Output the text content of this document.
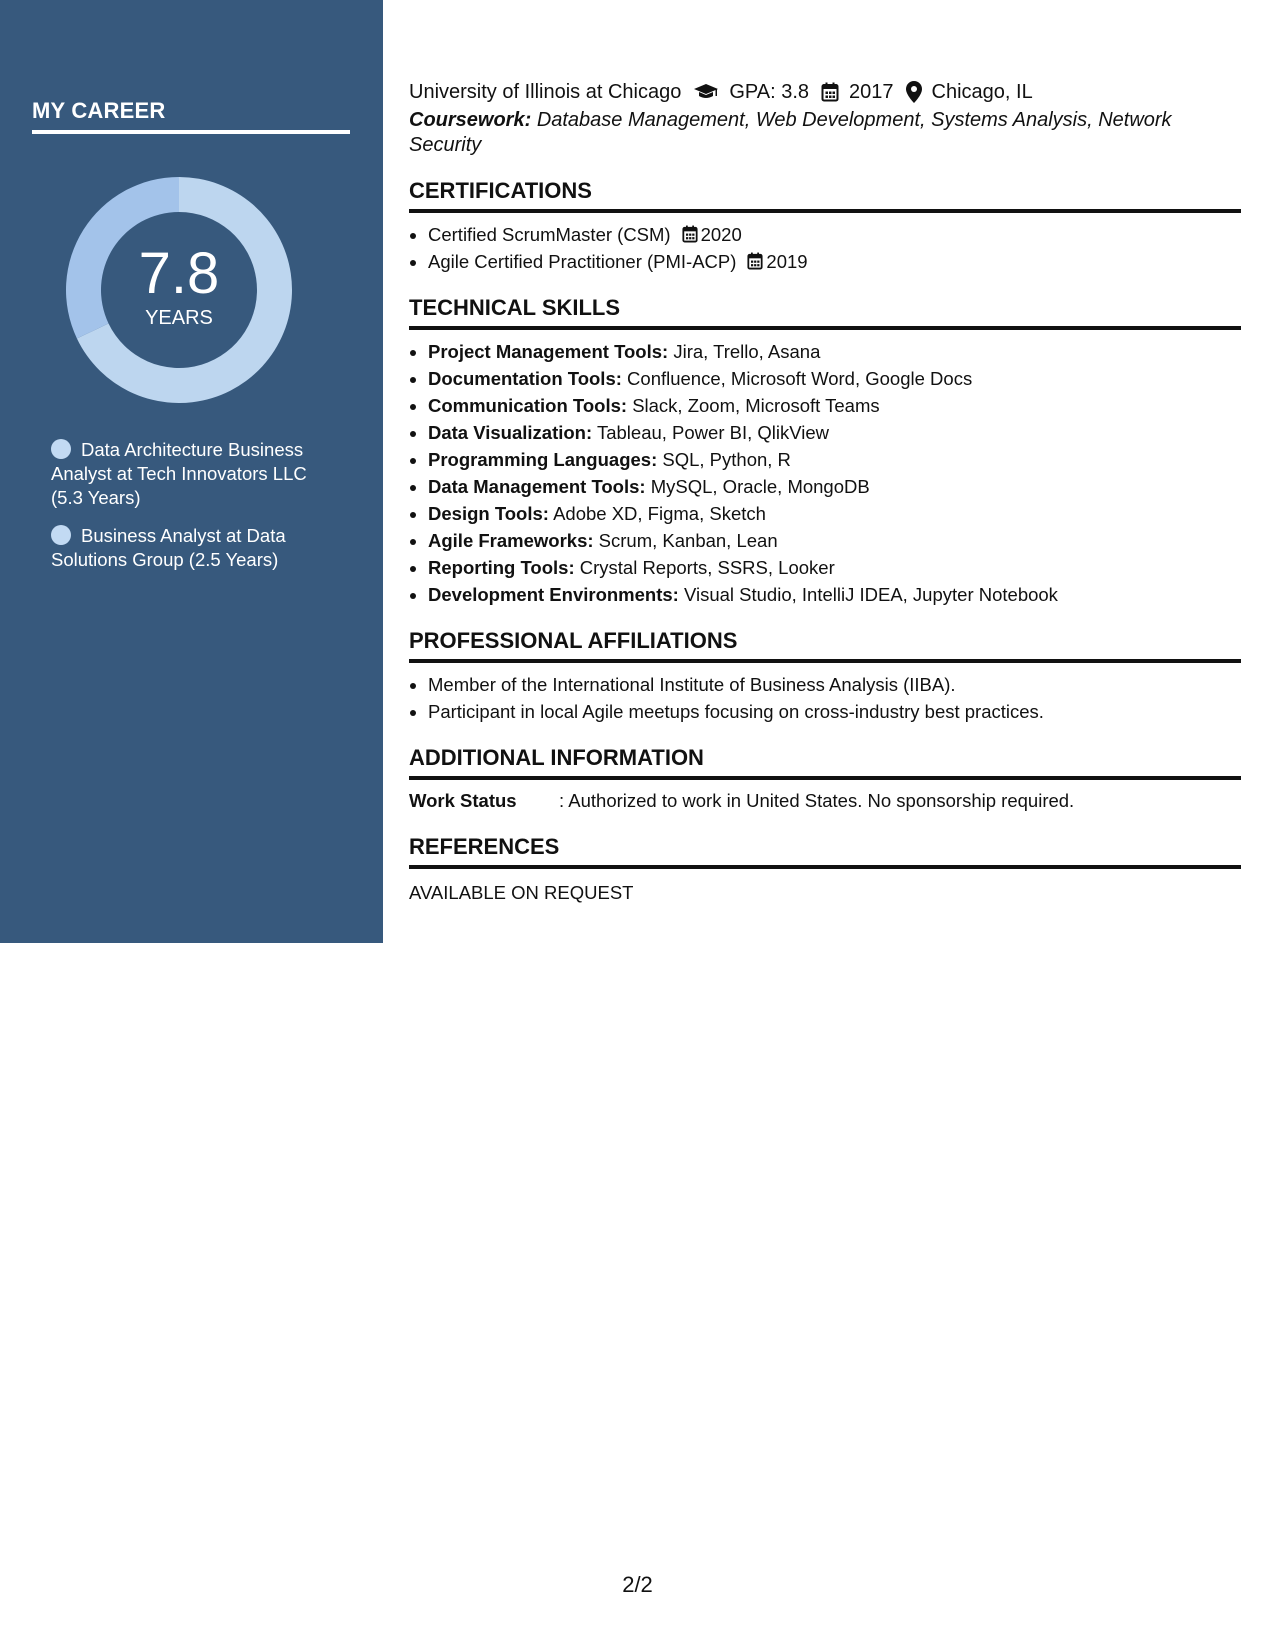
MY CAREER
7.8
YEARS
Data Architecture Business Analyst at Tech Innovators LLC (5.3 Years)
Business Analyst at Data Solutions Group (2.5 Years)
University of Illinois at Chicago GPA: 3.8 2017 Chicago, IL
Coursework: Database Management, Web Development, Systems Analysis, Network Security
CERTIFICATIONS
• Certified ScrumMaster (CSM) 2020
• Agile Certified Practitioner (PMI-ACP) 2019
TECHNICAL SKILLS
• Project Management Tools: Jira, Trello, Asana
• Documentation Tools: Confluence, Microsoft Word, Google Docs
• Communication Tools: Slack, Zoom, Microsoft Teams
• Data Visualization: Tableau, Power BI, QlikView
• Programming Languages: SQL, Python, R
• Data Management Tools: MySQL, Oracle, MongoDB
• Design Tools: Adobe XD, Figma, Sketch
• Agile Frameworks: Scrum, Kanban, Lean
• Reporting Tools: Crystal Reports, SSRS, Looker
• Development Environments: Visual Studio, IntelliJ IDEA, Jupyter Notebook
PROFESSIONAL AFFILIATIONS
• Member of the International Institute of Business Analysis (IIBA).
• Participant in local Agile meetups focusing on cross-industry best practices.
ADDITIONAL INFORMATION
Work Status	: Authorized to work in United States. No sponsorship required.
REFERENCES
AVAILABLE ON REQUEST
2/2
